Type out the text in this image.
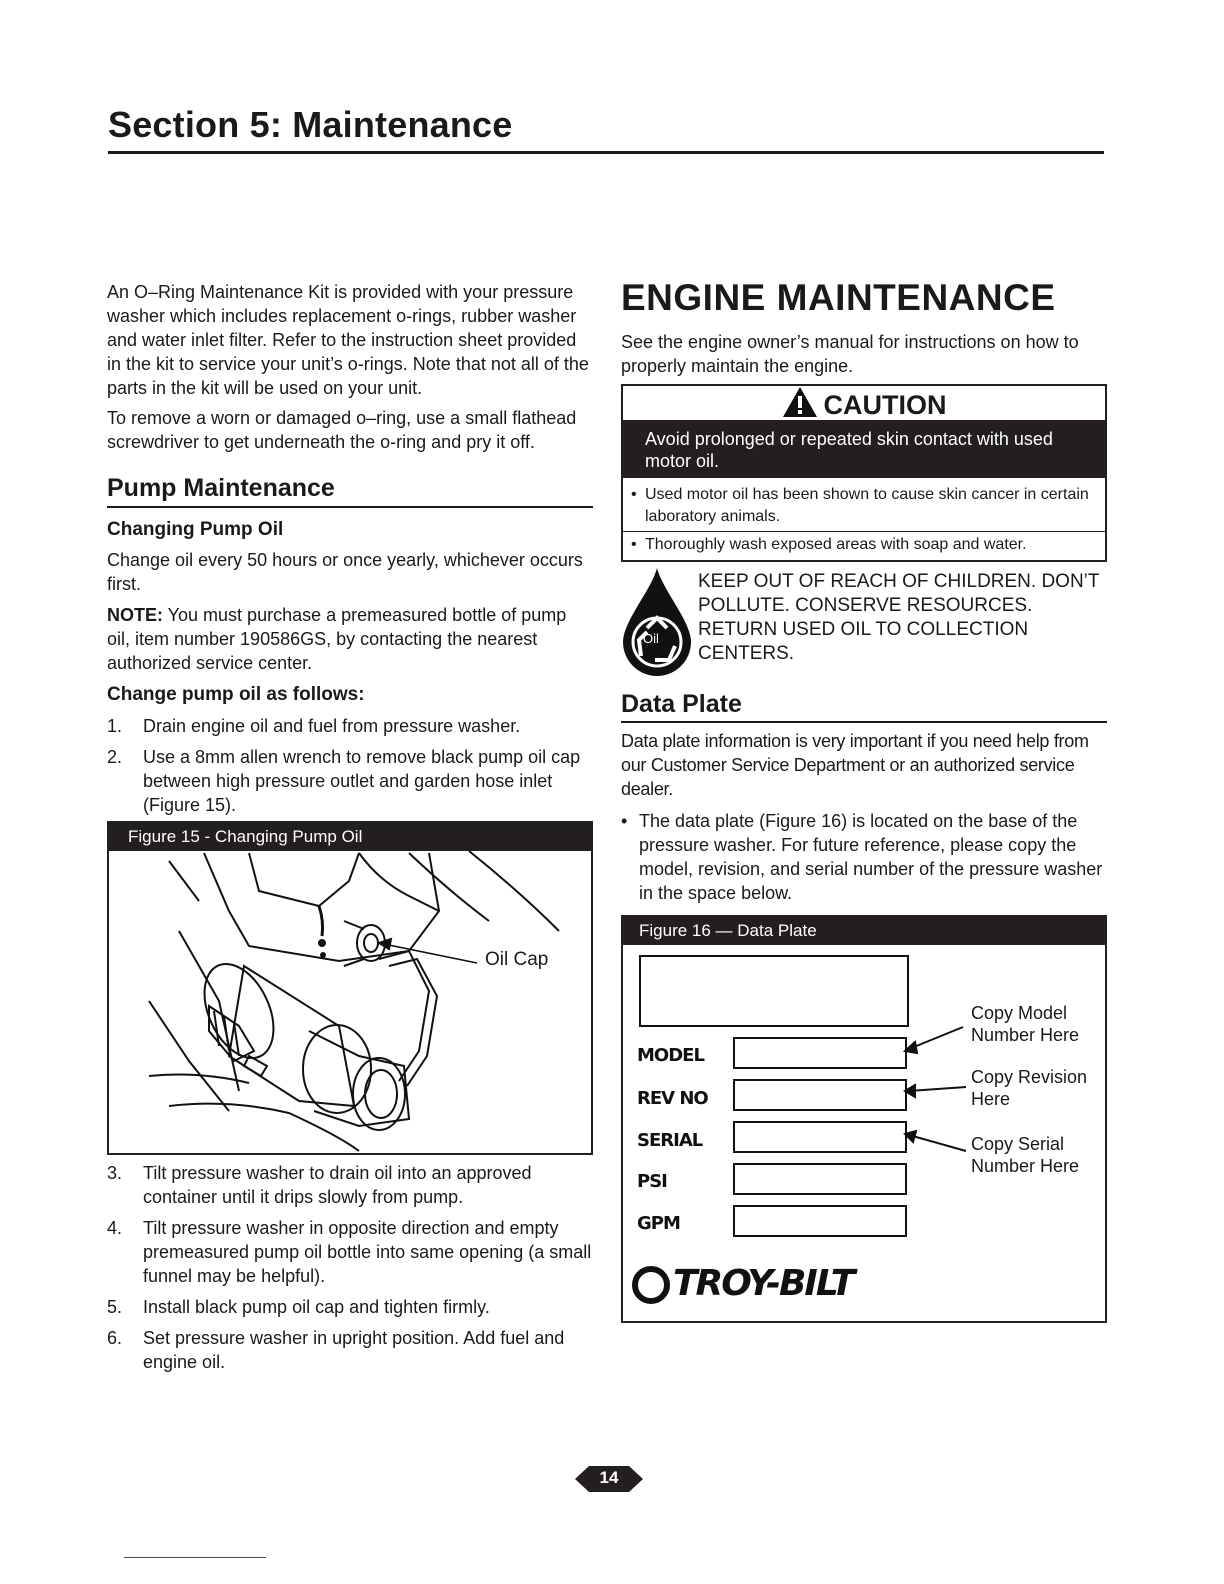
Section 5: Maintenance

An O–Ring Maintenance Kit is provided with your pressure washer which includes replacement o-rings, rubber washer and water inlet filter. Refer to the instruction sheet provided in the kit to service your unit’s o-rings. Note that not all of the parts in the kit will be used on your unit.

To remove a worn or damaged o–ring, use a small flathead screwdriver to get underneath the o-ring and pry it off.

Pump Maintenance
Changing Pump Oil

Change oil every 50 hours or once yearly, whichever occurs first.

NOTE: You must purchase a premeasured bottle of pump oil, item number 190586GS, by contacting the nearest authorized service center.

Change pump oil as follows:
1. Drain engine oil and fuel from pressure washer.
2. Use a 8mm allen wrench to remove black pump oil cap between high pressure outlet and garden hose inlet (Figure 15).
Figure 15 - Changing Pump Oil
Oil Cap
3. Tilt pressure washer to drain oil into an approved container until it drips slowly from pump.
4. Tilt pressure washer in opposite direction and empty premeasured pump oil bottle into same opening (a small funnel may be helpful).
5. Install black pump oil cap and tighten firmly.
6. Set pressure washer in upright position. Add fuel and engine oil.
ENGINE MAINTENANCE

See the engine owner’s manual for instructions on how to properly maintain the engine.

CAUTION
Avoid prolonged or repeated skin contact with used motor oil.
• Used motor oil has been shown to cause skin cancer in certain laboratory animals.
• Thoroughly wash exposed areas with soap and water.
Oil
KEEP OUT OF REACH OF CHILDREN. DON’T POLLUTE. CONSERVE RESOURCES. RETURN USED OIL TO COLLECTION CENTERS.
Data Plate

Data plate information is very important if you need help from our Customer Service Department or an authorized service dealer.

• The data plate (Figure 16) is located on the base of the pressure washer. For future reference, please copy the model, revision, and serial number of the pressure washer in the space below.
Figure 16 — Data Plate
MODEL
REV NO
SERIAL
PSI
GPM
Copy Model
Number Here
Copy Revision
Here
Copy Serial
Number Here
TROY-BILT
14
